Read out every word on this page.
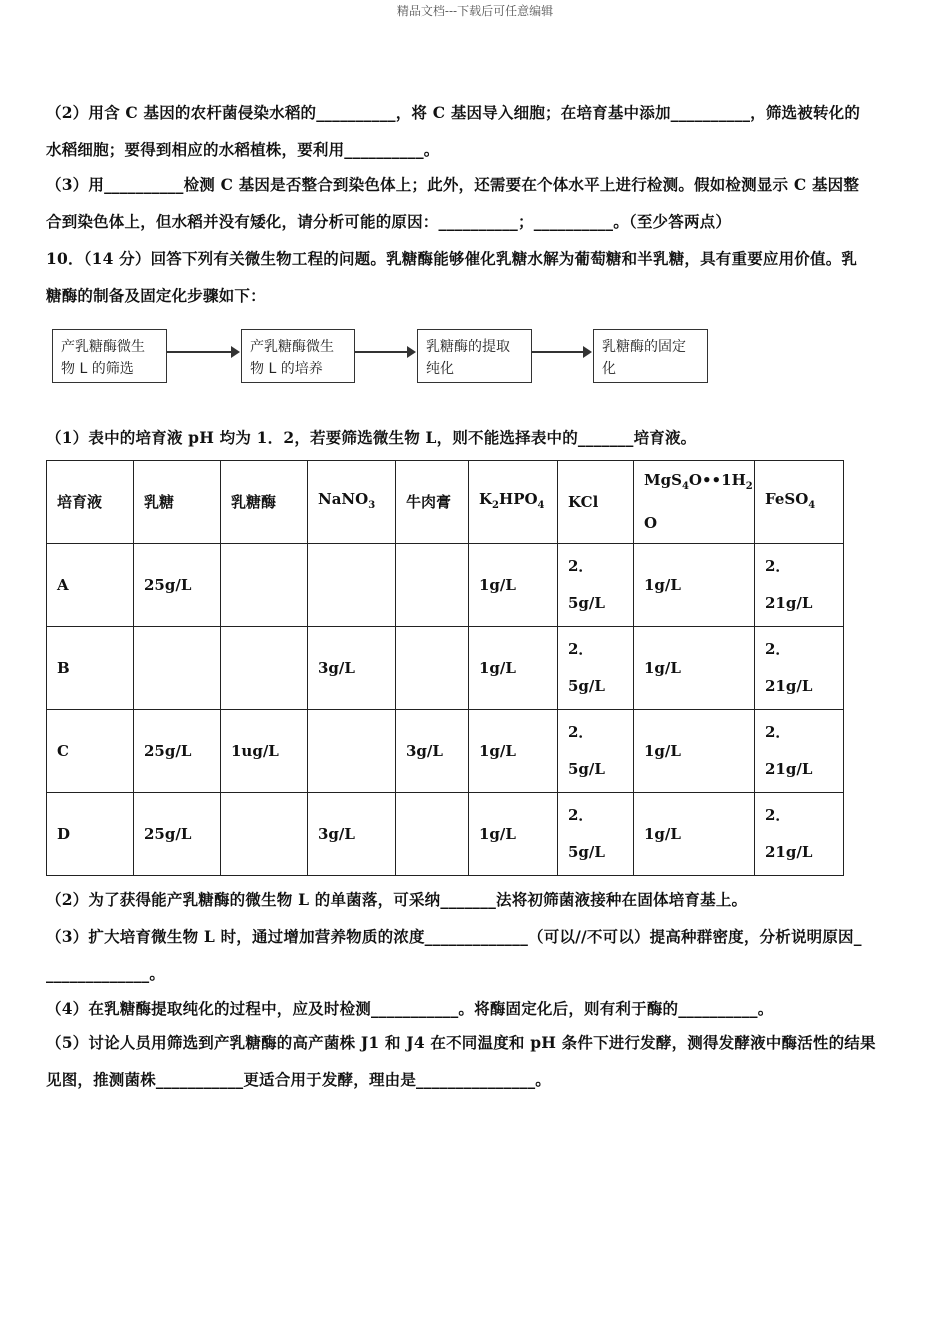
精品文档---下载后可任意编辑
（2）用含 C 基因的农杆菌侵染水稻的__________，将 C 基因导入细胞；在培育基中添加__________，筛选被转化的
水稻细胞；要得到相应的水稻植株，要利用__________。
（3）用__________检测 C 基因是否整合到染色体上；此外，还需要在个体水平上进行检测。假如检测显示 C 基因整
合到染色体上，但水稻并没有矮化，请分析可能的原因：__________；__________。（至少答两点）
10．（14 分）回答下列有关微生物工程的问题。乳糖酶能够催化乳糖水解为葡萄糖和半乳糖，具有重要应用价值。乳
糖酶的制备及固定化步骤如下：
产乳糖酶微生
物 L 的筛选
产乳糖酶微生
物 L 的培养
乳糖酶的提取
纯化
乳糖酶的固定
化
（1）表中的培育液 pH 均为 1．2，若要筛选微生物 L，则不能选择表中的_______培育液。
培育液	乳糖	乳糖酶	NaNO$_3$	牛肉膏	$K_2HPO_4$	KCl	$MgS_4O••1H_2$
O	FeSO$_4$
A	25g/L				1g/L	2．5g/L	1g/L	2．21g/L
B			3g/L		1g/L	2．5g/L	1g/L	2．21g/L
C	25g/L	1ug/L		3g/L	1g/L	2．5g/L	1g/L	2．21g/L
D	25g/L		3g/L		1g/L	2．5g/L	1g/L	2．21g/L
（2）为了获得能产乳糖酶的微生物 L 的单菌落，可采纳_______法将初筛菌液接种在固体培育基上。
（3）扩大培育微生物 L 时，通过增加营养物质的浓度_____________（可以//不可以）提高种群密度，分析说明原因_
_____________。
（4）在乳糖酶提取纯化的过程中，应及时检测___________。将酶固定化后，则有利于酶的__________。
（5）讨论人员用筛选到产乳糖酶的高产菌株 J1 和 J4 在不同温度和 pH 条件下进行发酵，测得发酵液中酶活性的结果
见图，推测菌株___________更适合用于发酵，理由是_______________。
